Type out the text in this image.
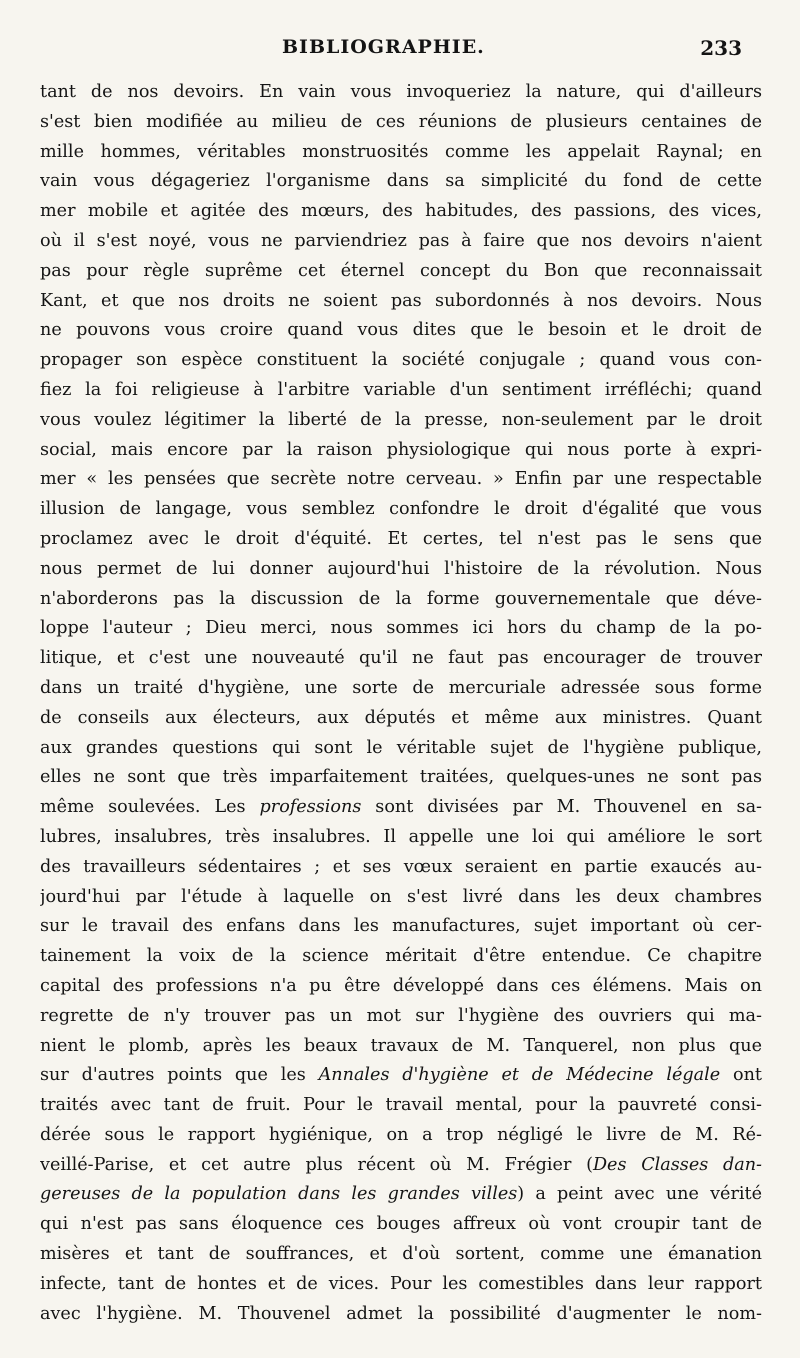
BIBLIOGRAPHIE.	233
tant de nos devoirs. En vain vous invoqueriez la nature, qui d'ailleurs
s'est bien modifiée au milieu de ces réunions de plusieurs centaines de
mille hommes, véritables monstruosités comme les appelait Raynal; en
vain vous dégageriez l'organisme dans sa simplicité du fond de cette
mer mobile et agitée des mœurs, des habitudes, des passions, des vices,
où il s'est noyé, vous ne parviendriez pas à faire que nos devoirs n'aient
pas pour règle suprême cet éternel concept du Bon que reconnaissait
Kant, et que nos droits ne soient pas subordonnés à nos devoirs. Nous
ne pouvons vous croire quand vous dites que le besoin et le droit de
propager son espèce constituent la société conjugale ; quand vous con-
fiez la foi religieuse à l'arbitre variable d'un sentiment irréfléchi; quand
vous voulez légitimer la liberté de la presse, non-seulement par le droit
social, mais encore par la raison physiologique qui nous porte à expri-
mer « les pensées que secrète notre cerveau. » Enfin par une respectable
illusion de langage, vous semblez confondre le droit d'égalité que vous
proclamez avec le droit d'équité. Et certes, tel n'est pas le sens que
nous permet de lui donner aujourd'hui l'histoire de la révolution. Nous
n'aborderons pas la discussion de la forme gouvernementale que déve-
loppe l'auteur ; Dieu merci, nous sommes ici hors du champ de la po-
litique, et c'est une nouveauté qu'il ne faut pas encourager de trouver
dans un traité d'hygiène, une sorte de mercuriale adressée sous forme
de conseils aux électeurs, aux députés et même aux ministres. Quant
aux grandes questions qui sont le véritable sujet de l'hygiène publique,
elles ne sont que très imparfaitement traitées, quelques-unes ne sont pas
même soulevées. Les professions sont divisées par M. Thouvenel en sa-
lubres, insalubres, très insalubres. Il appelle une loi qui améliore le sort
des travailleurs sédentaires ; et ses vœux seraient en partie exaucés au-
jourd'hui par l'étude à laquelle on s'est livré dans les deux chambres
sur le travail des enfans dans les manufactures, sujet important où cer-
tainement la voix de la science méritait d'être entendue. Ce chapitre
capital des professions n'a pu être développé dans ces élémens. Mais on
regrette de n'y trouver pas un mot sur l'hygiène des ouvriers qui ma-
nient le plomb, après les beaux travaux de M. Tanquerel, non plus que
sur d'autres points que les Annales d'hygiène et de Médecine légale ont
traités avec tant de fruit. Pour le travail mental, pour la pauvreté consi-
dérée sous le rapport hygiénique, on a trop négligé le livre de M. Ré-
veillé-Parise, et cet autre plus récent où M. Frégier (Des Classes dan-
gereuses de la population dans les grandes villes) a peint avec une vérité
qui n'est pas sans éloquence ces bouges affreux où vont croupir tant de
misères et tant de souffrances, et d'où sortent, comme une émanation
infecte, tant de hontes et de vices. Pour les comestibles dans leur rapport
avec l'hygiène. M. Thouvenel admet la possibilité d'augmenter le nom-
